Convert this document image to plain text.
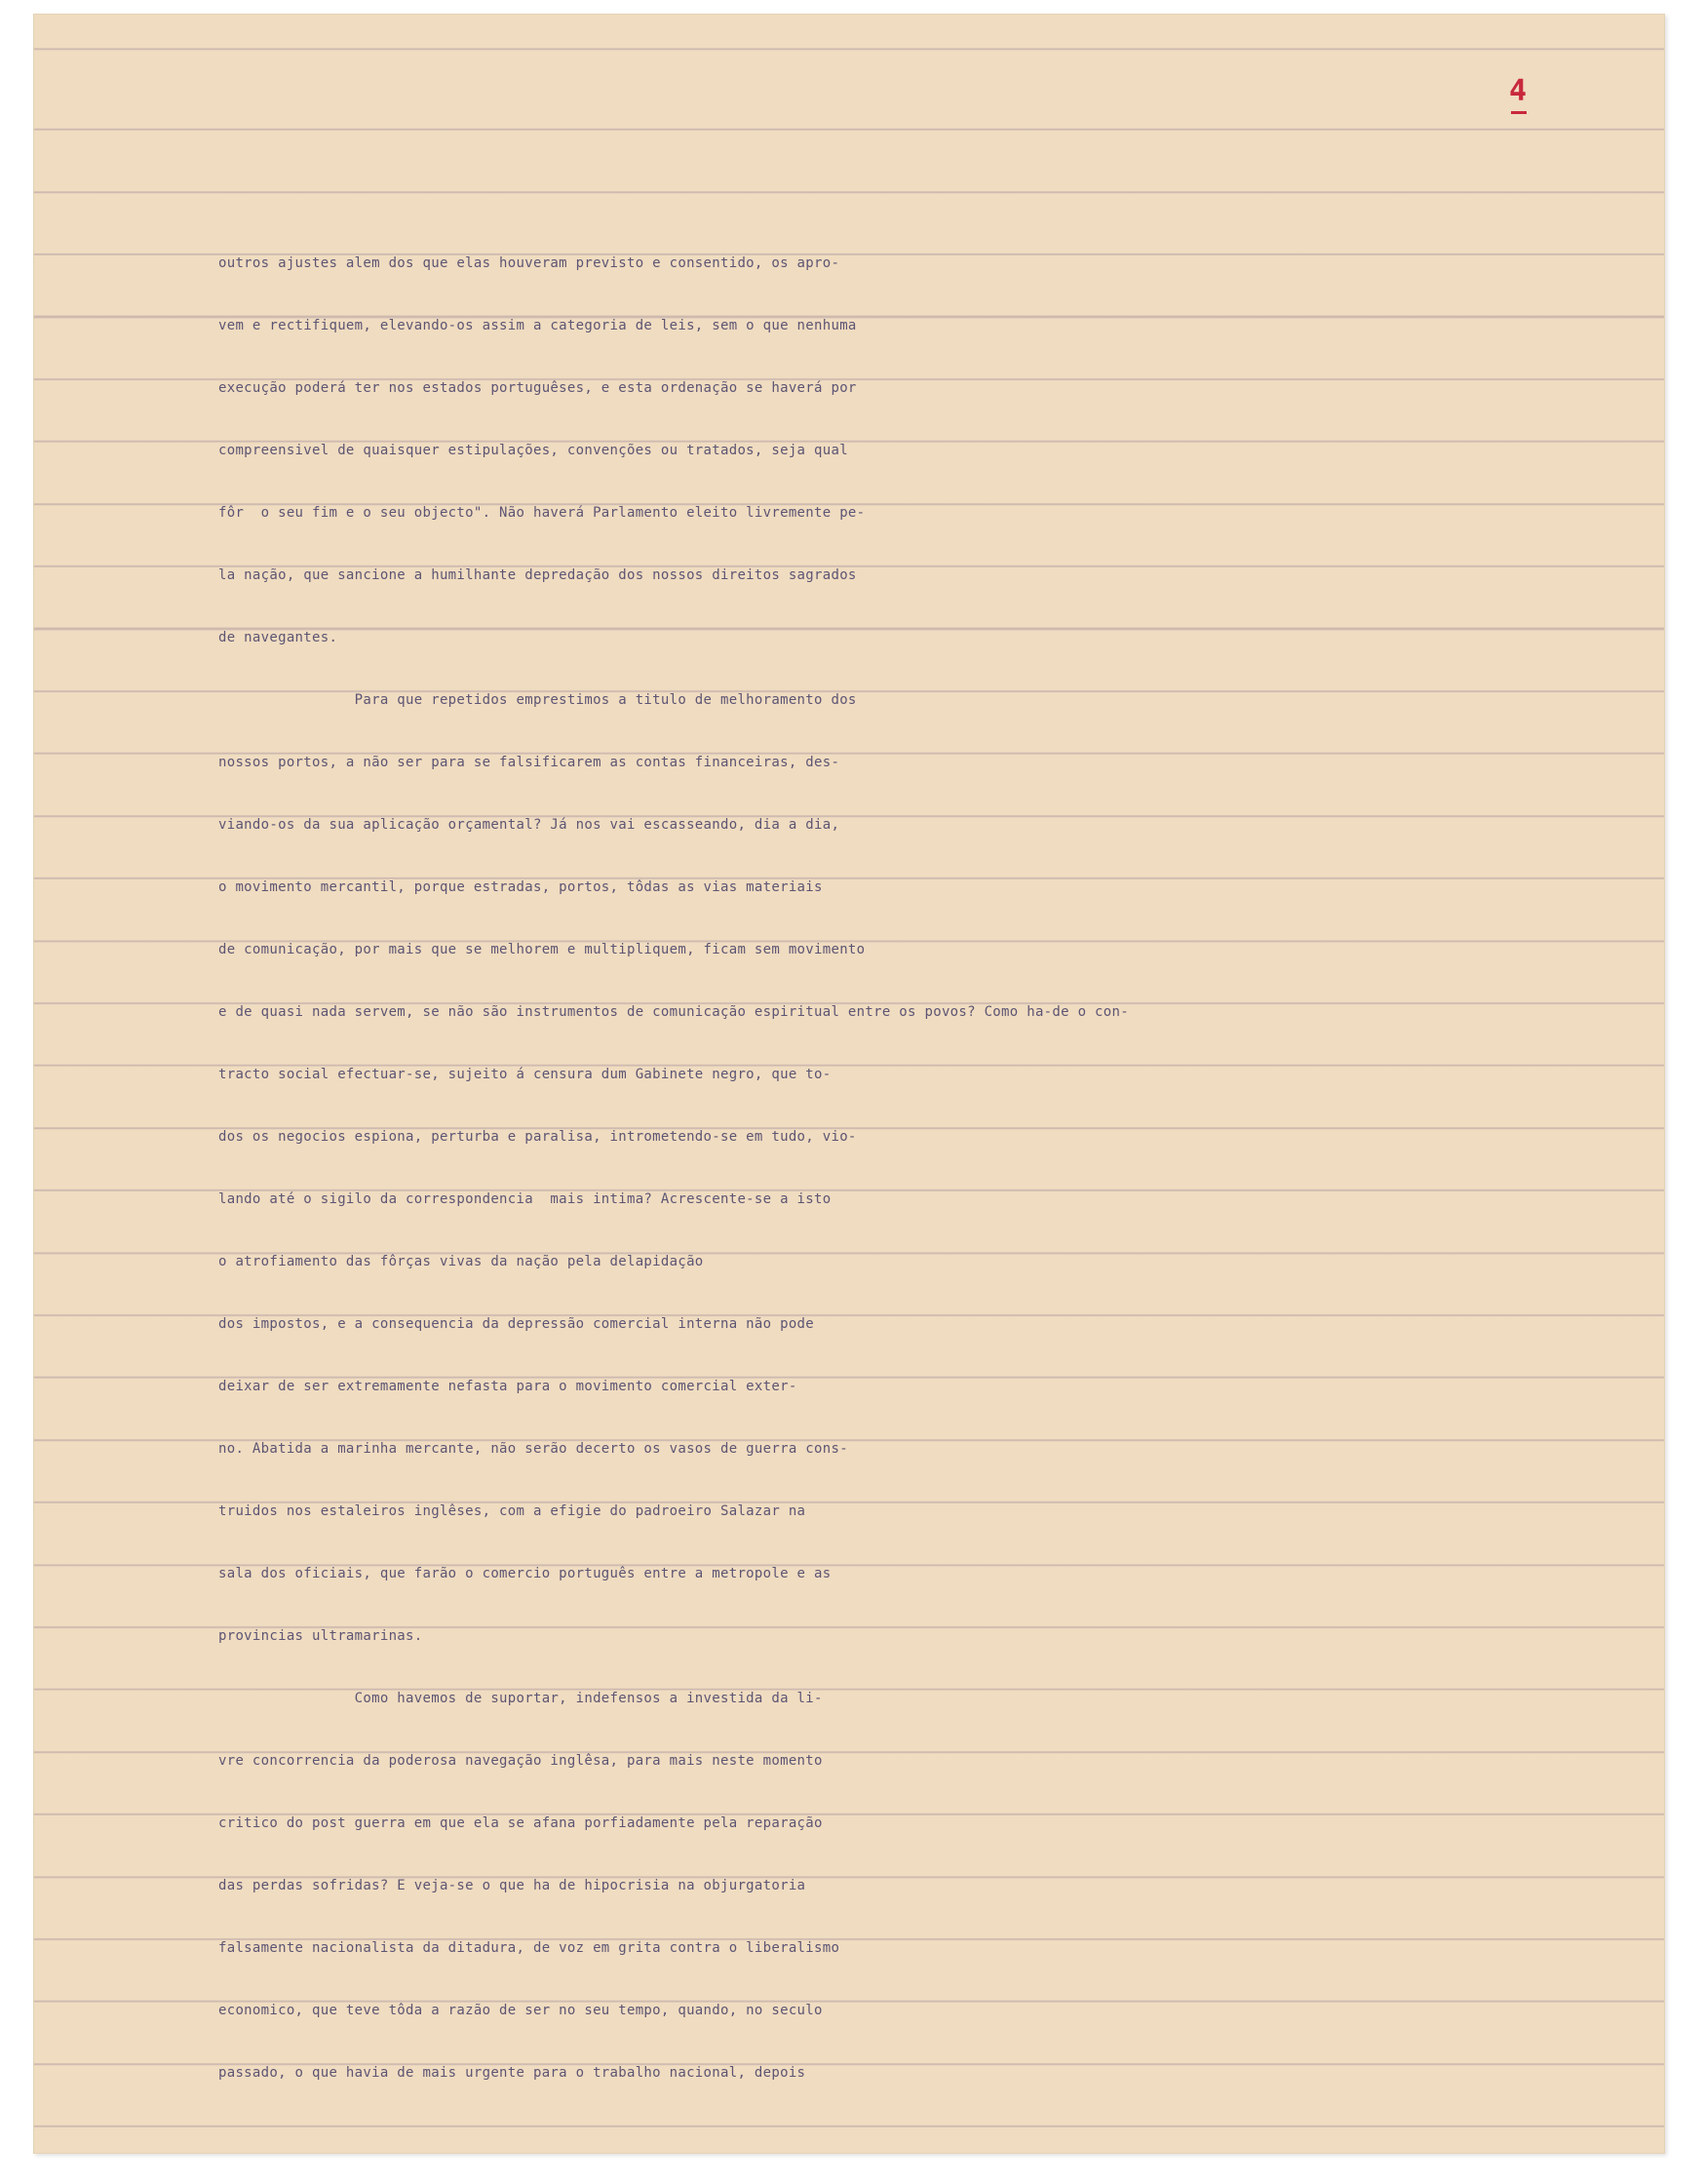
4
outros ajustes alem dos que elas houveram previsto e consentido, os apro-
vem e rectifiquem, elevando-os assim a categoria de leis, sem o que nenhuma
execução poderá ter nos estados portuguêses, e esta ordenação se haverá por
compreensivel de quaisquer estipulações, convenções ou tratados, seja qual
fôr  o seu fim e o seu objecto". Não haverá Parlamento eleito livremente pe-
la nação, que sancione a humilhante depredação dos nossos direitos sagrados
de navegantes.
Para que repetidos emprestimos a titulo de melhoramento dos
nossos portos, a não ser para se falsificarem as contas financeiras, des-
viando-os da sua aplicação orçamental? Já nos vai escasseando, dia a dia,
o movimento mercantil, porque estradas, portos, tôdas as vias materiais
de comunicação, por mais que se melhorem e multipliquem, ficam sem movimento
e de quasi nada servem, se não são instrumentos de comunicação espiritual entre os povos? Como ha-de o con-
tracto social efectuar-se, sujeito á censura dum Gabinete negro, que to-
dos os negocios espiona, perturba e paralisa, intrometendo-se em tudo, vio-
lando até o sigilo da correspondencia  mais intima? Acrescente-se a isto
o atrofiamento das fôrças vivas da nação pela delapidação
dos impostos, e a consequencia da depressão comercial interna não pode
deixar de ser extremamente nefasta para o movimento comercial exter-
no. Abatida a marinha mercante, não serão decerto os vasos de guerra cons-
truidos nos estaleiros inglêses, com a efigie do padroeiro Salazar na
sala dos oficiais, que farão o comercio português entre a metropole e as
provincias ultramarinas.
Como havemos de suportar, indefensos a investida da li-
vre concorrencia da poderosa navegação inglêsa, para mais neste momento
critico do post guerra em que ela se afana porfiadamente pela reparação
das perdas sofridas? E veja-se o que ha de hipocrisia na objurgatoria
falsamente nacionalista da ditadura, de voz em grita contra o liberalismo
economico, que teve tôda a razão de ser no seu tempo, quando, no seculo
passado, o que havia de mais urgente para o trabalho nacional, depois
